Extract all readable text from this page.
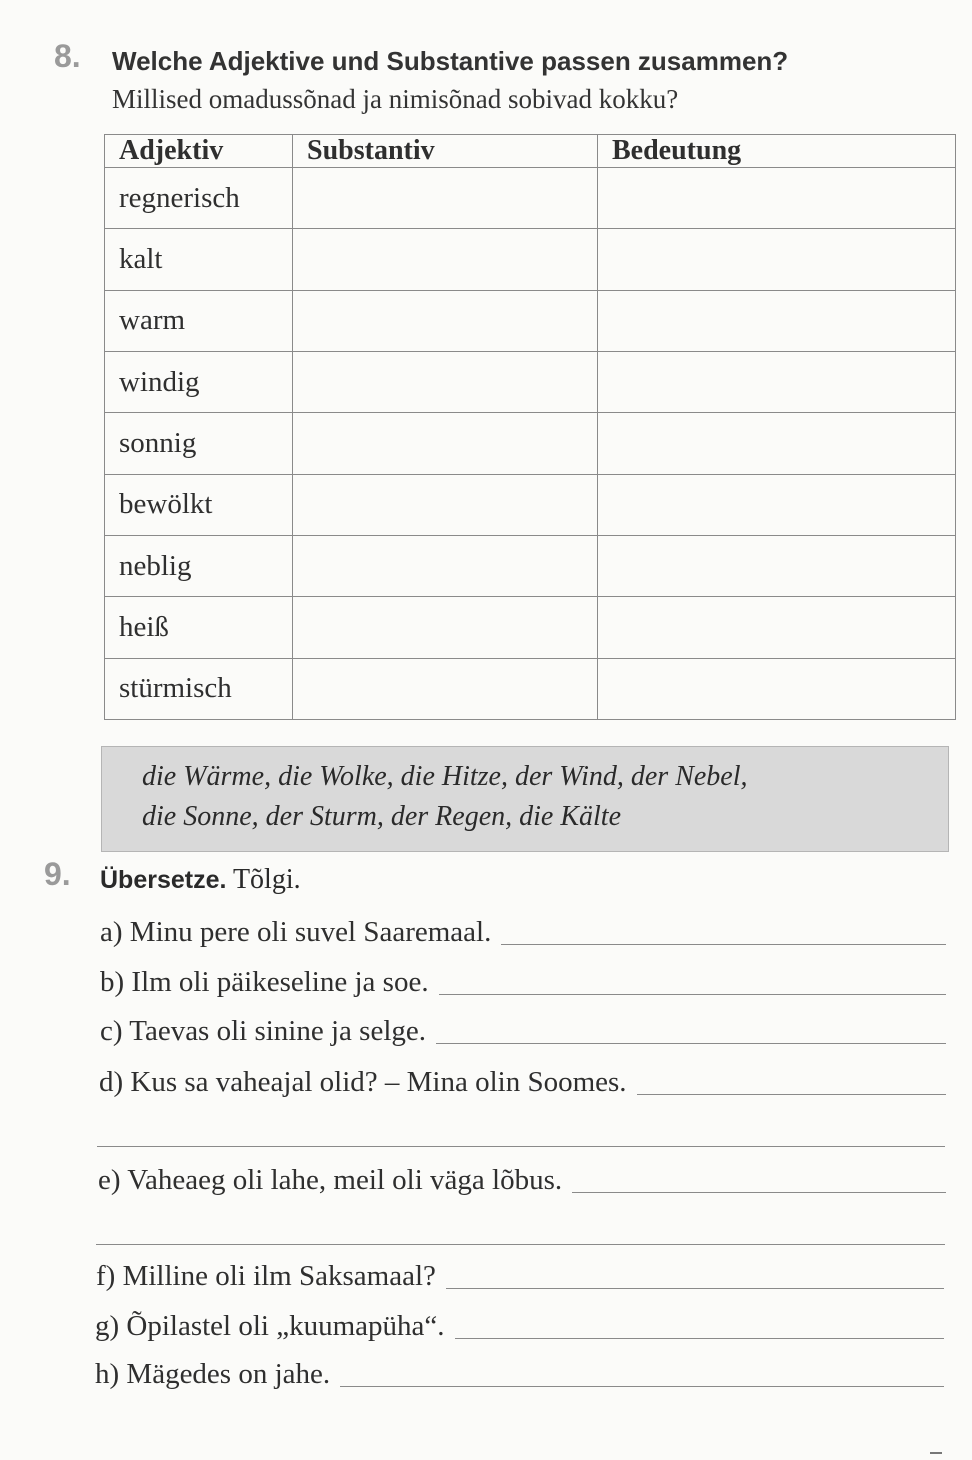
8. Welche Adjektive und Substantive passen zusammen?
Millised omadussõnad ja nimisõnad sobivad kokku?
Adjektiv	Substantiv	Bedeutung
regnerisch		
kalt		
warm		
windig		
sonnig		
bewölkt		
neblig		
heiß		
stürmisch		
die Wärme, die Wolke, die Hitze, der Wind, der Nebel,
die Sonne, der Sturm, der Regen, die Kälte
9. Übersetze. Tõlgi.
a) Minu pere oli suvel Saaremaal.
b) Ilm oli päikeseline ja soe.
c) Taevas oli sinine ja selge.
d) Kus sa vaheajal olid? – Mina olin Soomes.
e) Vaheaeg oli lahe, meil oli väga lõbus.
f) Milline oli ilm Saksamaal?
g) Õpilastel oli „kuumapüha“.
h) Mägedes on jahe.
